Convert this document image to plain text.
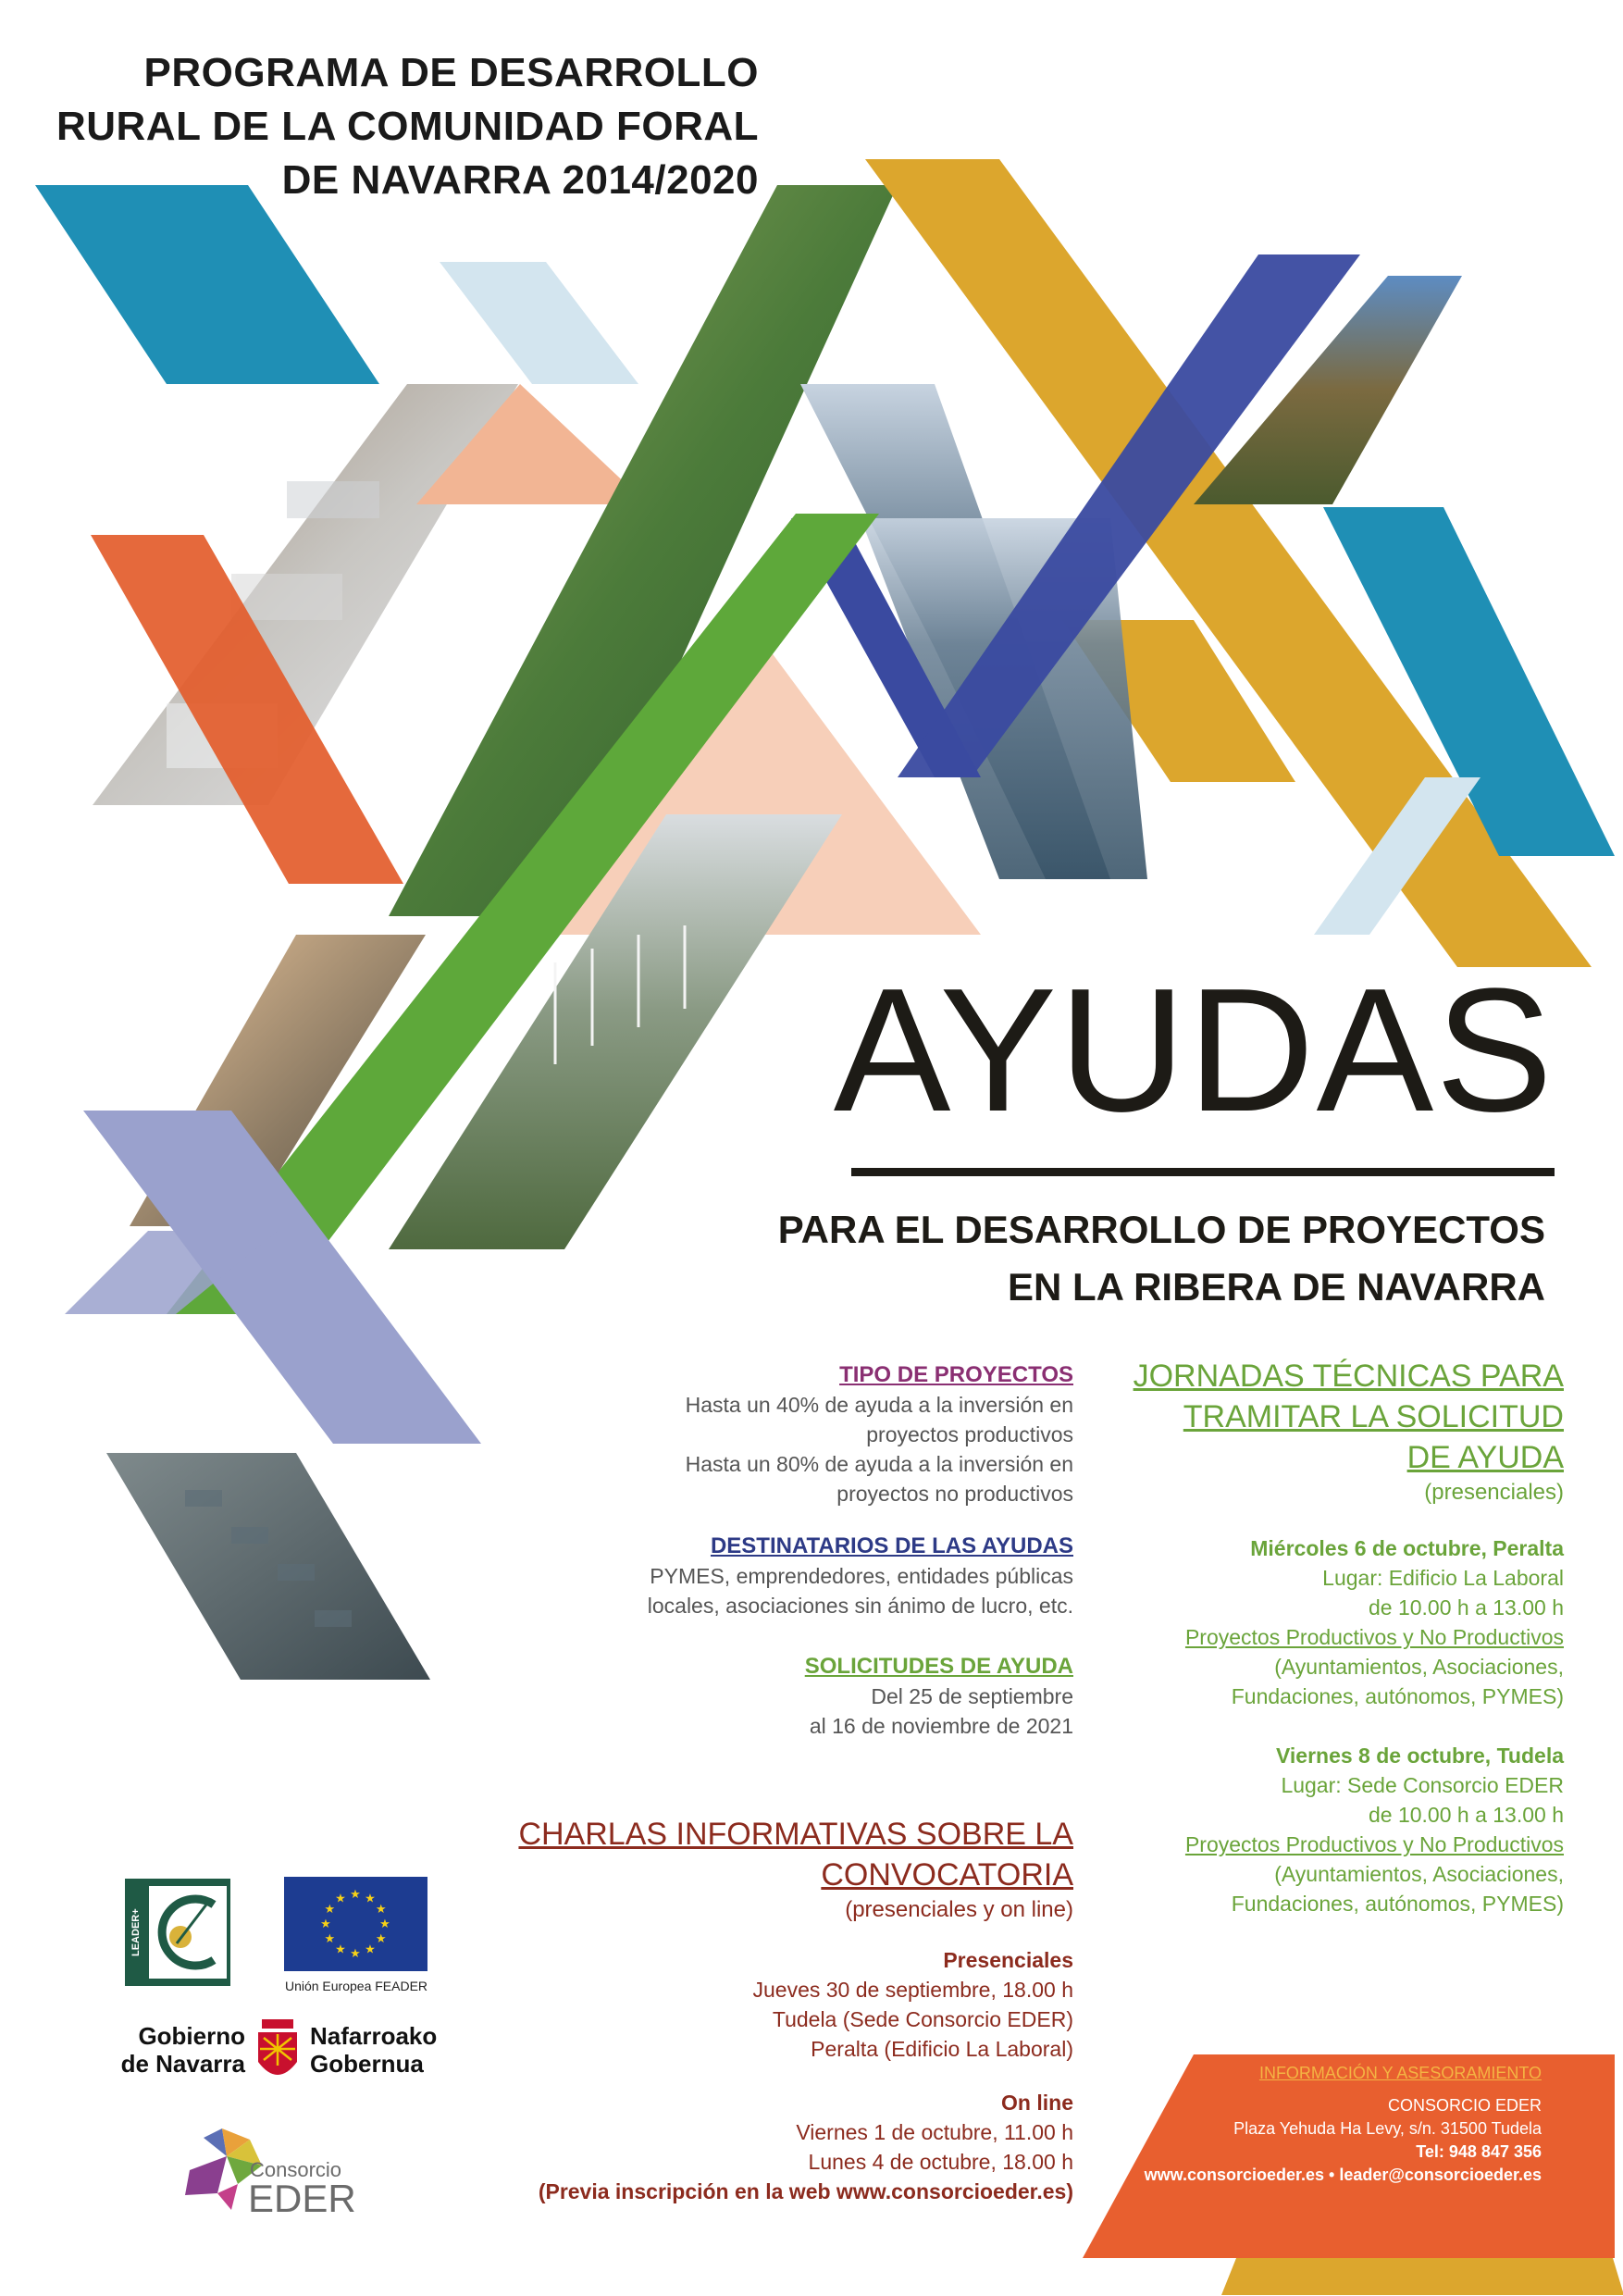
PROGRAMA DE DESARROLLO
RURAL DE LA COMUNIDAD FORAL
DE NAVARRA 2014/2020
AYUDAS
PARA EL DESARROLLO DE PROYECTOS
EN LA RIBERA DE NAVARRA
TIPO DE PROYECTOS
Hasta un 40% de ayuda a la inversión en
proyectos productivos
Hasta un 80% de ayuda a la inversión en
proyectos no productivos
DESTINATARIOS DE LAS AYUDAS
PYMES, emprendedores, entidades públicas
locales, asociaciones sin ánimo de lucro, etc.
SOLICITUDES DE AYUDA
Del 25 de septiembre
al 16 de noviembre de 2021
CHARLAS INFORMATIVAS SOBRE LA
CONVOCATORIA
(presenciales y on line)
Presenciales
Jueves 30 de septiembre, 18.00 h
Tudela (Sede Consorcio EDER)
Peralta (Edificio La Laboral)
On line
Viernes 1 de octubre, 11.00 h
Lunes 4 de octubre, 18.00 h
(Previa inscripción en la web www.consorcioeder.es)
JORNADAS TÉCNICAS PARA
TRAMITAR LA SOLICITUD
DE AYUDA
(presenciales)
Miércoles 6 de octubre, Peralta
Lugar: Edificio La Laboral
de 10.00 h a 13.00 h
Proyectos Productivos y No Productivos
(Ayuntamientos, Asociaciones,
Fundaciones, autónomos, PYMES)
Viernes 8 de octubre, Tudela
Lugar: Sede Consorcio EDER
de 10.00 h a 13.00 h
Proyectos Productivos y No Productivos
(Ayuntamientos, Asociaciones,
Fundaciones, autónomos, PYMES)
LEADER+
★ ★
★
★
★
★
★
★
★
★
★
★
Unión Europea FEADER
Gobierno
de Navarra
Nafarroako
Gobernua
Consorcio
EDER
INFORMACIÓN Y ASESORAMIENTO
CONSORCIO EDER
Plaza Yehuda Ha Levy, s/n. 31500 Tudela
Tel: 948 847 356
www.consorcioeder.es • leader@consorcioeder.es
